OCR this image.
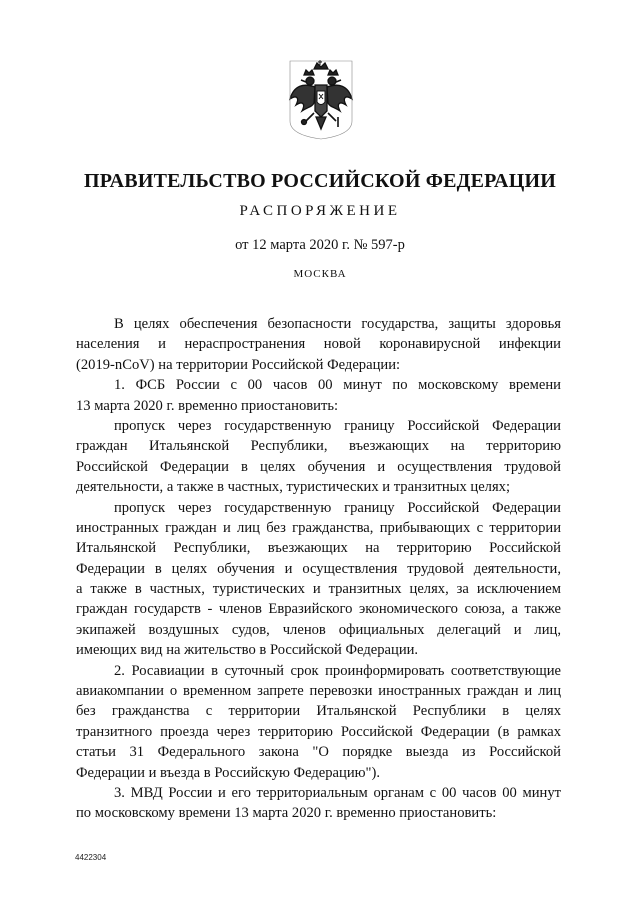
ПРАВИТЕЛЬСТВО РОССИЙСКОЙ ФЕДЕРАЦИИ
РАСПОРЯЖЕНИЕ
от 12 марта 2020 г. № 597-р
МОСКВА
В целях обеспечения безопасности государства, защиты здоровья
населения и нераспространения новой коронавирусной инфекции
(2019-nCoV) на территории Российской Федерации:
1. ФСБ России с 00 часов 00 минут по московскому времени
13 марта 2020 г. временно приостановить:
пропуск через государственную границу Российской Федерации
граждан Итальянской Республики, въезжающих на территорию
Российской Федерации в целях обучения и осуществления трудовой
деятельности, а также в частных, туристических и транзитных целях;
пропуск через государственную границу Российской Федерации
иностранных граждан и лиц без гражданства, прибывающих с территории
Итальянской Республики, въезжающих на территорию Российской
Федерации в целях обучения и осуществления трудовой деятельности,
а также в частных, туристических и транзитных целях, за исключением
граждан государств - членов Евразийского экономического союза, а также
экипажей воздушных судов, членов официальных делегаций и лиц,
имеющих вид на жительство в Российской Федерации.
2. Росавиации в суточный срок проинформировать соответствующие
авиакомпании о временном запрете перевозки иностранных граждан и лиц
без гражданства с территории Итальянской Республики в целях
транзитного проезда через территорию Российской Федерации (в рамках
статьи 31 Федерального закона "О порядке выезда из Российской
Федерации и въезда в Российскую Федерацию").
3. МВД России и его территориальным органам с 00 часов 00 минут
по московскому времени 13 марта 2020 г. временно приостановить:
4422304
